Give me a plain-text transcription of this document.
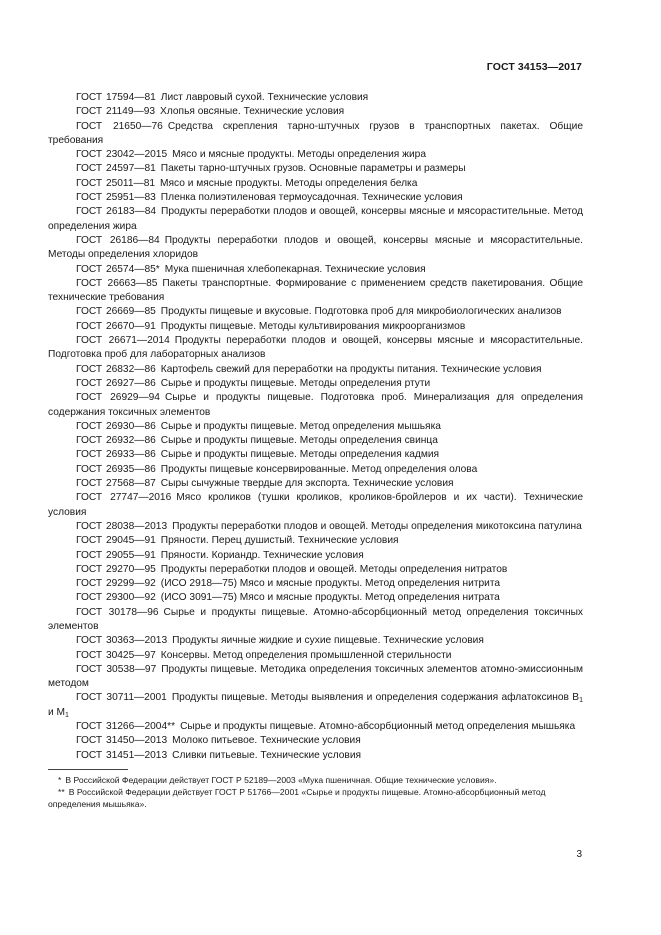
ГОСТ 34153—2017
ГОСТ 17594—81 Лист лавровый сухой. Технические условия
ГОСТ 21149—93 Хлопья овсяные. Технические условия
ГОСТ 21650—76 Средства скрепления тарно-штучных грузов в транспортных пакетах. Общие требования
ГОСТ 23042—2015 Мясо и мясные продукты. Методы определения жира
ГОСТ 24597—81 Пакеты тарно-штучных грузов. Основные параметры и размеры
ГОСТ 25011—81 Мясо и мясные продукты. Методы определения белка
ГОСТ 25951—83 Пленка полиэтиленовая термоусадочная. Технические условия
ГОСТ 26183—84 Продукты переработки плодов и овощей, консервы мясные и мясорастительные. Метод определения жира
ГОСТ 26186—84 Продукты переработки плодов и овощей, консервы мясные и мясорастительные. Методы определения хлоридов
ГОСТ 26574—85* Мука пшеничная хлебопекарная. Технические условия
ГОСТ 26663—85 Пакеты транспортные. Формирование с применением средств пакетирования. Общие технические требования
ГОСТ 26669—85 Продукты пищевые и вкусовые. Подготовка проб для микробиологических анализов
ГОСТ 26670—91 Продукты пищевые. Методы культивирования микроорганизмов
ГОСТ 26671—2014 Продукты переработки плодов и овощей, консервы мясные и мясорастительные. Подготовка проб для лабораторных анализов
ГОСТ 26832—86 Картофель свежий для переработки на продукты питания. Технические условия
ГОСТ 26927—86 Сырье и продукты пищевые. Методы определения ртути
ГОСТ 26929—94 Сырье и продукты пищевые. Подготовка проб. Минерализация для определения содержания токсичных элементов
ГОСТ 26930—86 Сырье и продукты пищевые. Метод определения мышьяка
ГОСТ 26932—86 Сырье и продукты пищевые. Методы определения свинца
ГОСТ 26933—86 Сырье и продукты пищевые. Методы определения кадмия
ГОСТ 26935—86 Продукты пищевые консервированные. Метод определения олова
ГОСТ 27568—87 Сыры сычужные твердые для экспорта. Технические условия
ГОСТ 27747—2016 Мясо кроликов (тушки кроликов, кроликов-бройлеров и их части). Технические условия
ГОСТ 28038—2013 Продукты переработки плодов и овощей. Методы определения микотоксина патулина
ГОСТ 29045—91 Пряности. Перец душистый. Технические условия
ГОСТ 29055—91 Пряности. Кориандр. Технические условия
ГОСТ 29270—95 Продукты переработки плодов и овощей. Методы определения нитратов
ГОСТ 29299—92 (ИСО 2918—75) Мясо и мясные продукты. Метод определения нитрита
ГОСТ 29300—92 (ИСО 3091—75) Мясо и мясные продукты. Метод определения нитрата
ГОСТ 30178—96 Сырье и продукты пищевые. Атомно-абсорбционный метод определения токсичных элементов
ГОСТ 30363—2013 Продукты яичные жидкие и сухие пищевые. Технические условия
ГОСТ 30425—97 Консервы. Метод определения промышленной стерильности
ГОСТ 30538—97 Продукты пищевые. Методика определения токсичных элементов атомно-эмиссионным методом
ГОСТ 30711—2001 Продукты пищевые. Методы выявления и определения содержания афлатоксинов $В_1$ и $М_1$
ГОСТ 31266—2004** Сырье и продукты пищевые. Атомно-абсорбционный метод определения мышьяка
ГОСТ 31450—2013 Молоко питьевое. Технические условия
ГОСТ 31451—2013 Сливки питьевые. Технические условия

* В Российской Федерации действует ГОСТ Р 52189—2003 «Мука пшеничная. Общие технические условия».

** В Российской Федерации действует ГОСТ Р 51766—2001 «Сырье и продукты пищевые. Атомно-абсорбционный метод определения мышьяка».

3
